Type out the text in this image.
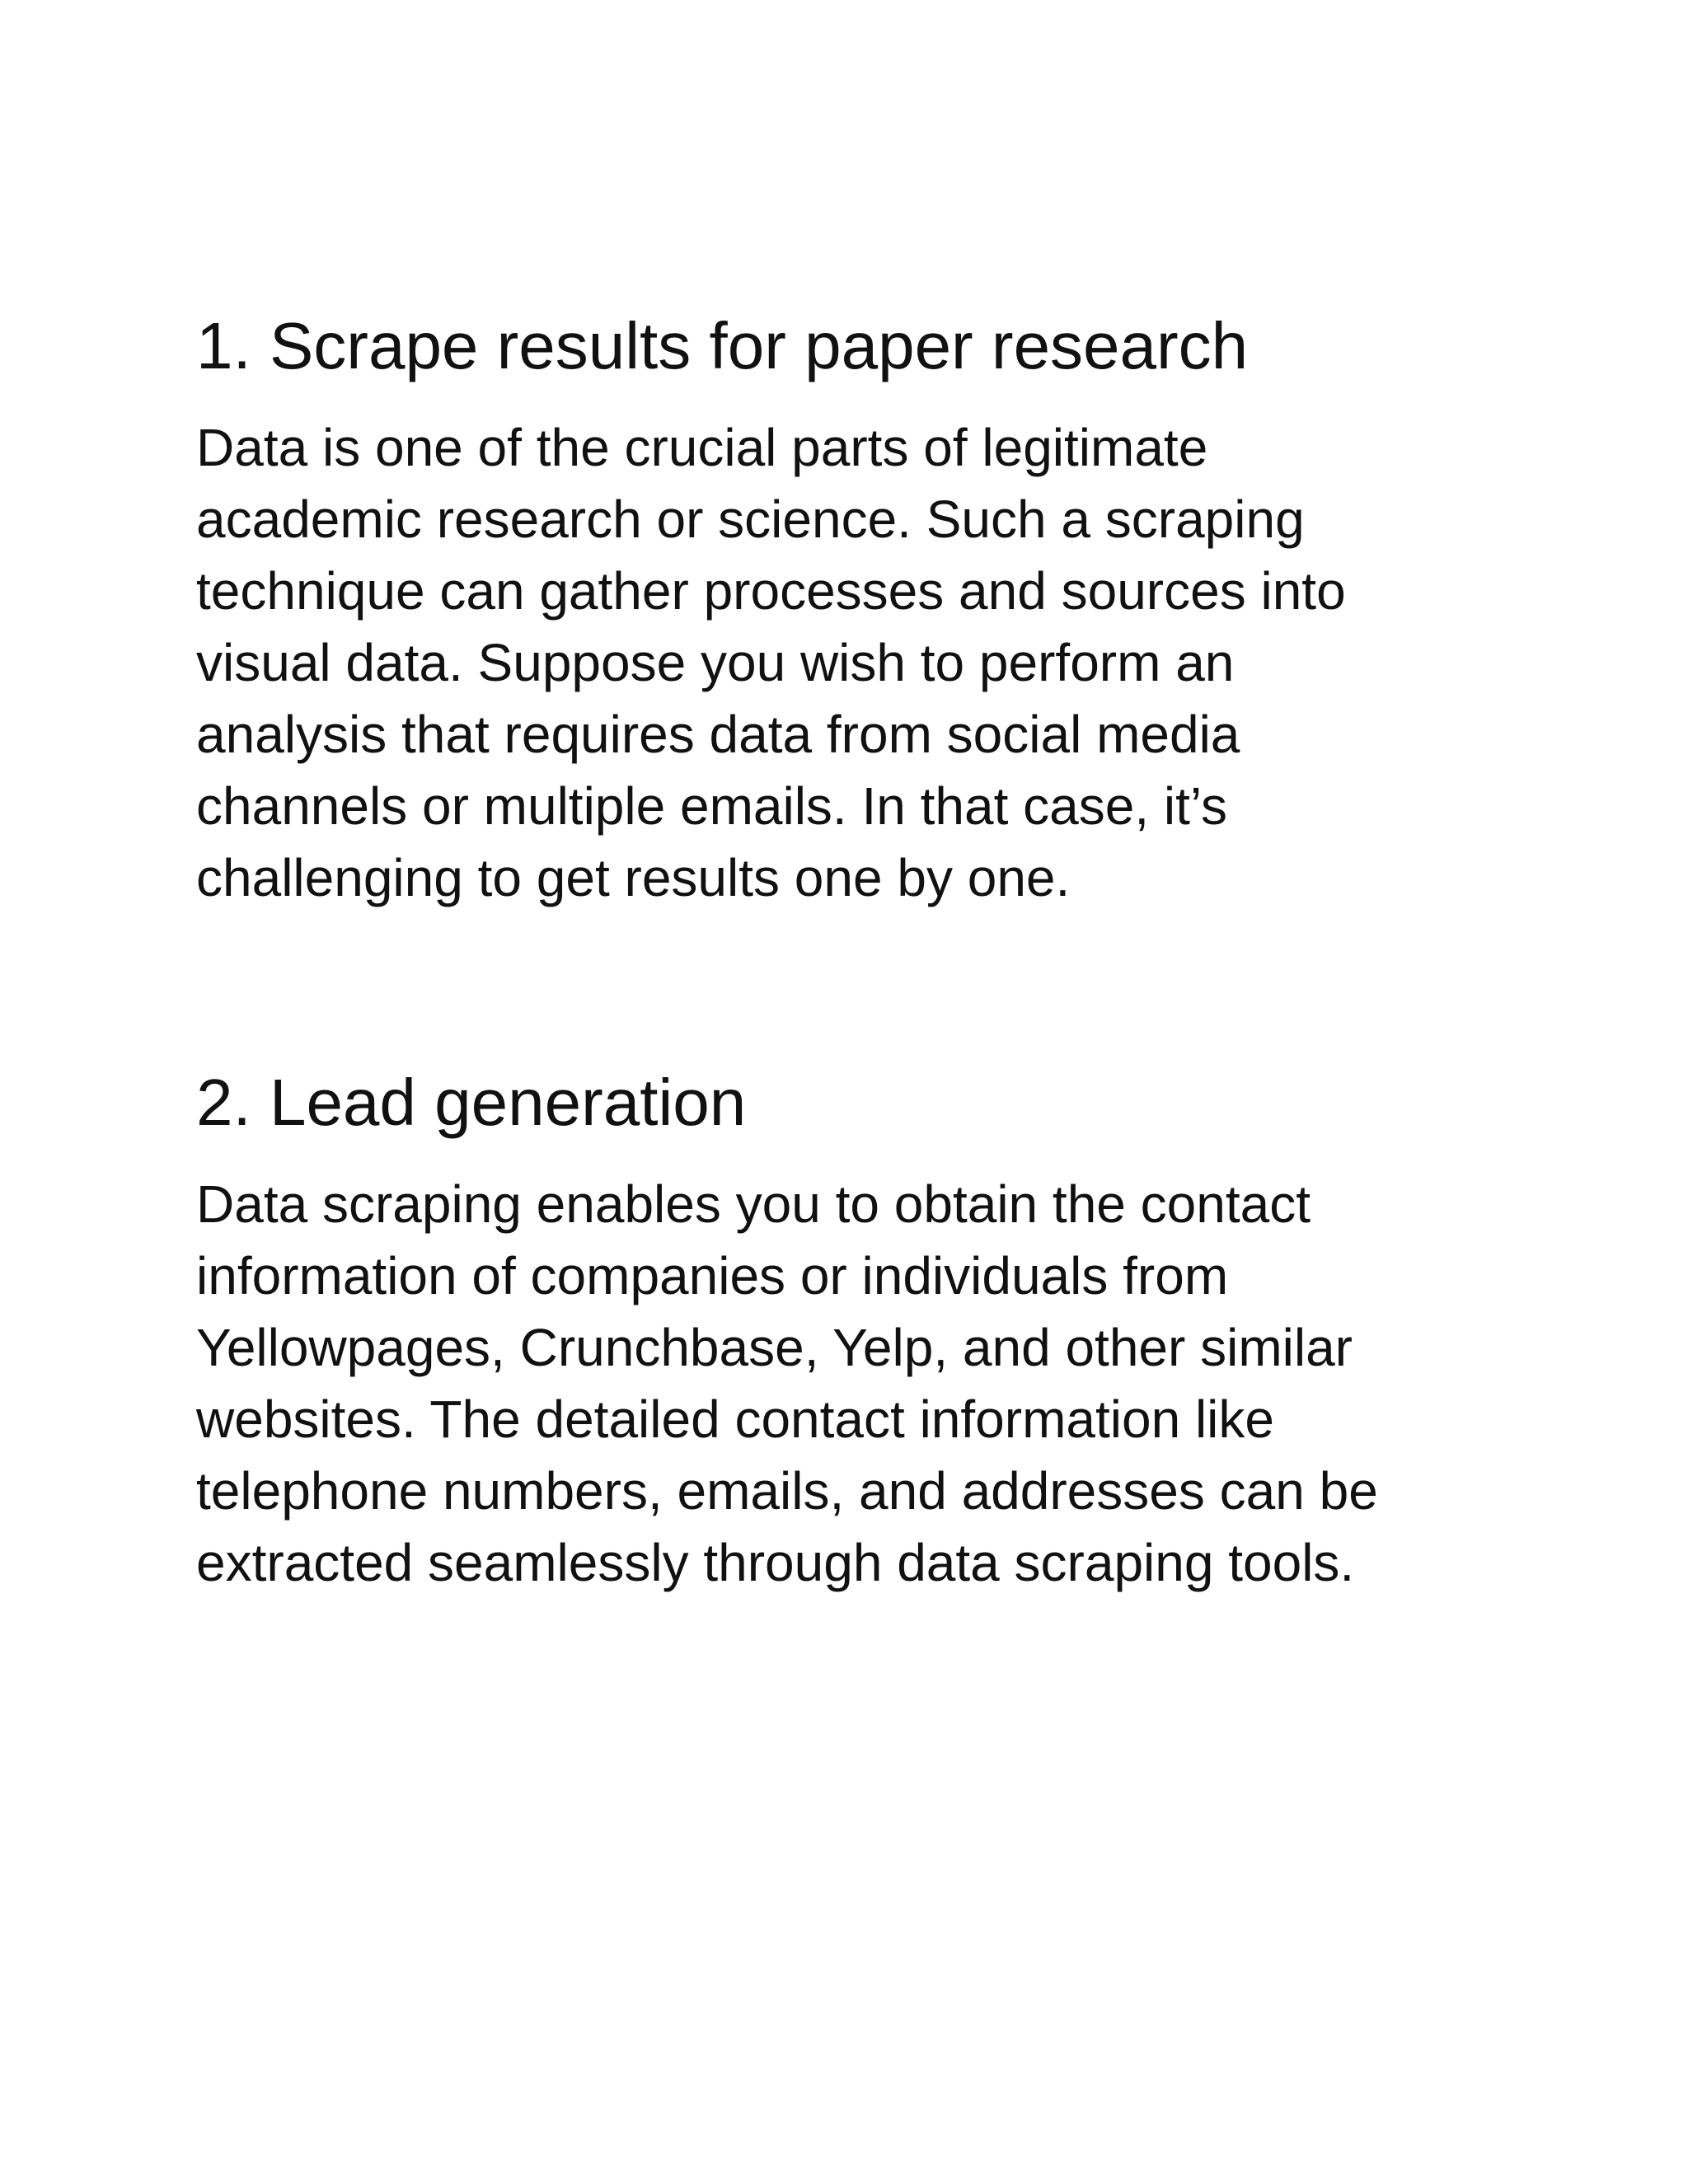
1. Scrape results for paper research

Data is one of the crucial parts of legitimate
academic research or science. Such a scraping
technique can gather processes and sources into
visual data. Suppose you wish to perform an
analysis that requires data from social media
channels or multiple emails. In that case, it’s
challenging to get results one by one.

2. Lead generation

Data scraping enables you to obtain the contact
information of companies or individuals from
Yellowpages, Crunchbase, Yelp, and other similar
websites. The detailed contact information like
telephone numbers, emails, and addresses can be
extracted seamlessly through data scraping tools.
